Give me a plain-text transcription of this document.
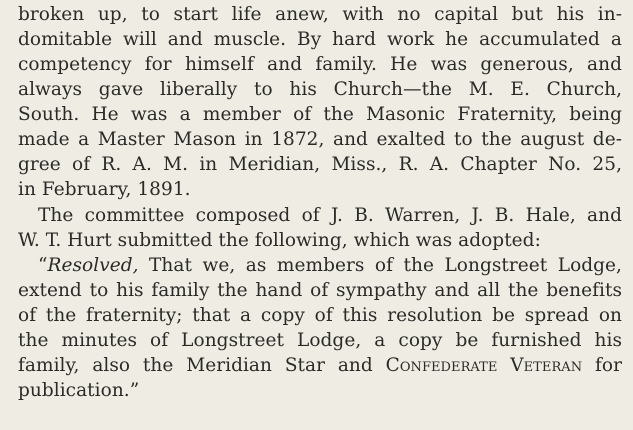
broken up, to start life anew, with no capital but his in-
domitable will and muscle. By hard work he accumulated a
competency for himself and family. He was generous, and
always gave liberally to his Church—the M. E. Church,
South. He was a member of the Masonic Fraternity, being
made a Master Mason in 1872, and exalted to the august de-
gree of R. A. M. in Meridian, Miss., R. A. Chapter No. 25,
in February, 1891.
The committee composed of J. B. Warren, J. B. Hale, and
W. T. Hurt submitted the following, which was adopted:
“Resolved, That we, as members of the Longstreet Lodge,
extend to his family the hand of sympathy and all the benefits
of the fraternity; that a copy of this resolution be spread on
the minutes of Longstreet Lodge, a copy be furnished his
family, also the Meridian Star and Confederate Veteran for
publication.”
